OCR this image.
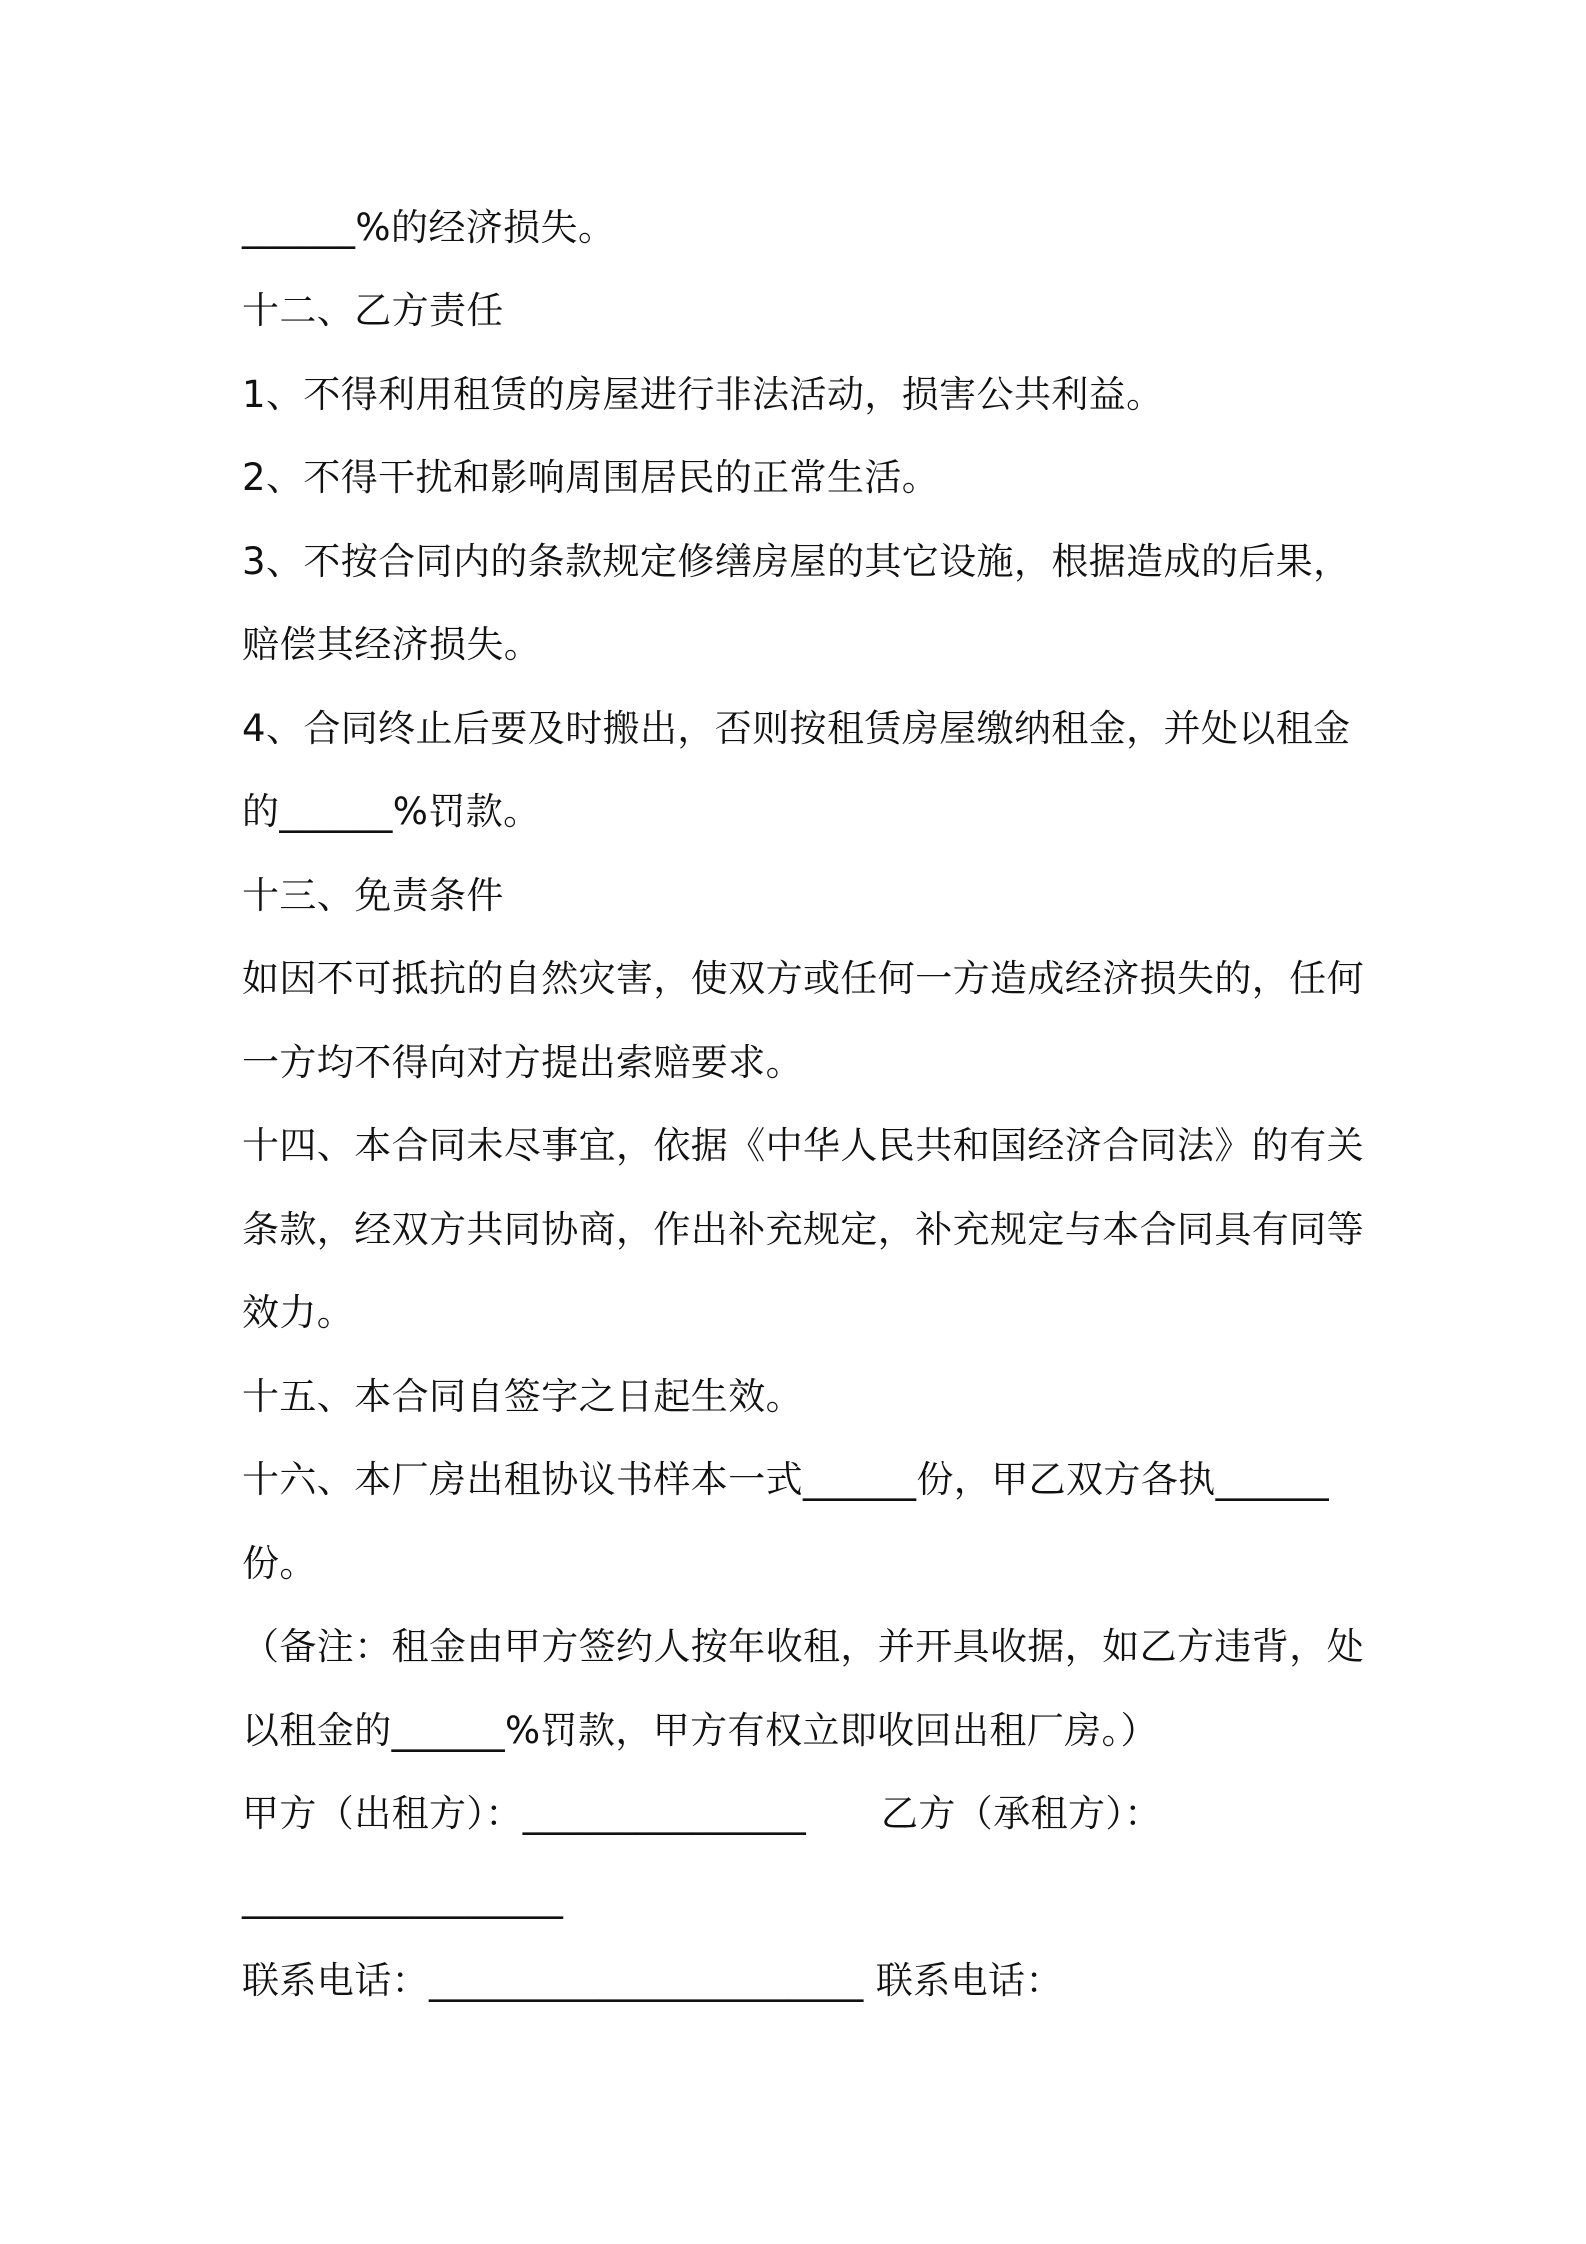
______%的经济损失。
十二、乙方责任
1、不得利用租赁的房屋进行非法活动，损害公共利益。
2、不得干扰和影响周围居民的正常生活。
3、不按合同内的条款规定修缮房屋的其它设施，根据造成的后果，
赔偿其经济损失。
4、合同终止后要及时搬出，否则按租赁房屋缴纳租金，并处以租金
的______%罚款。
十三、免责条件
如因不可抵抗的自然灾害，使双方或任何一方造成经济损失的，任何
一方均不得向对方提出索赔要求。
十四、本合同未尽事宜，依据《中华人民共和国经济合同法》的有关
条款，经双方共同协商，作出补充规定，补充规定与本合同具有同等
效力。
十五、本合同自签字之日起生效。
十六、本厂房出租协议书样本一式______份，甲乙双方各执______
份。
（备注：租金由甲方签约人按年收租，并开具收据，如乙方违背，处
以租金的______%罚款，甲方有权立即收回出租厂房。）
甲方（出租方）：_______________　　乙方（承租方）：
_________________
联系电话：_______________________ 联系电话：
